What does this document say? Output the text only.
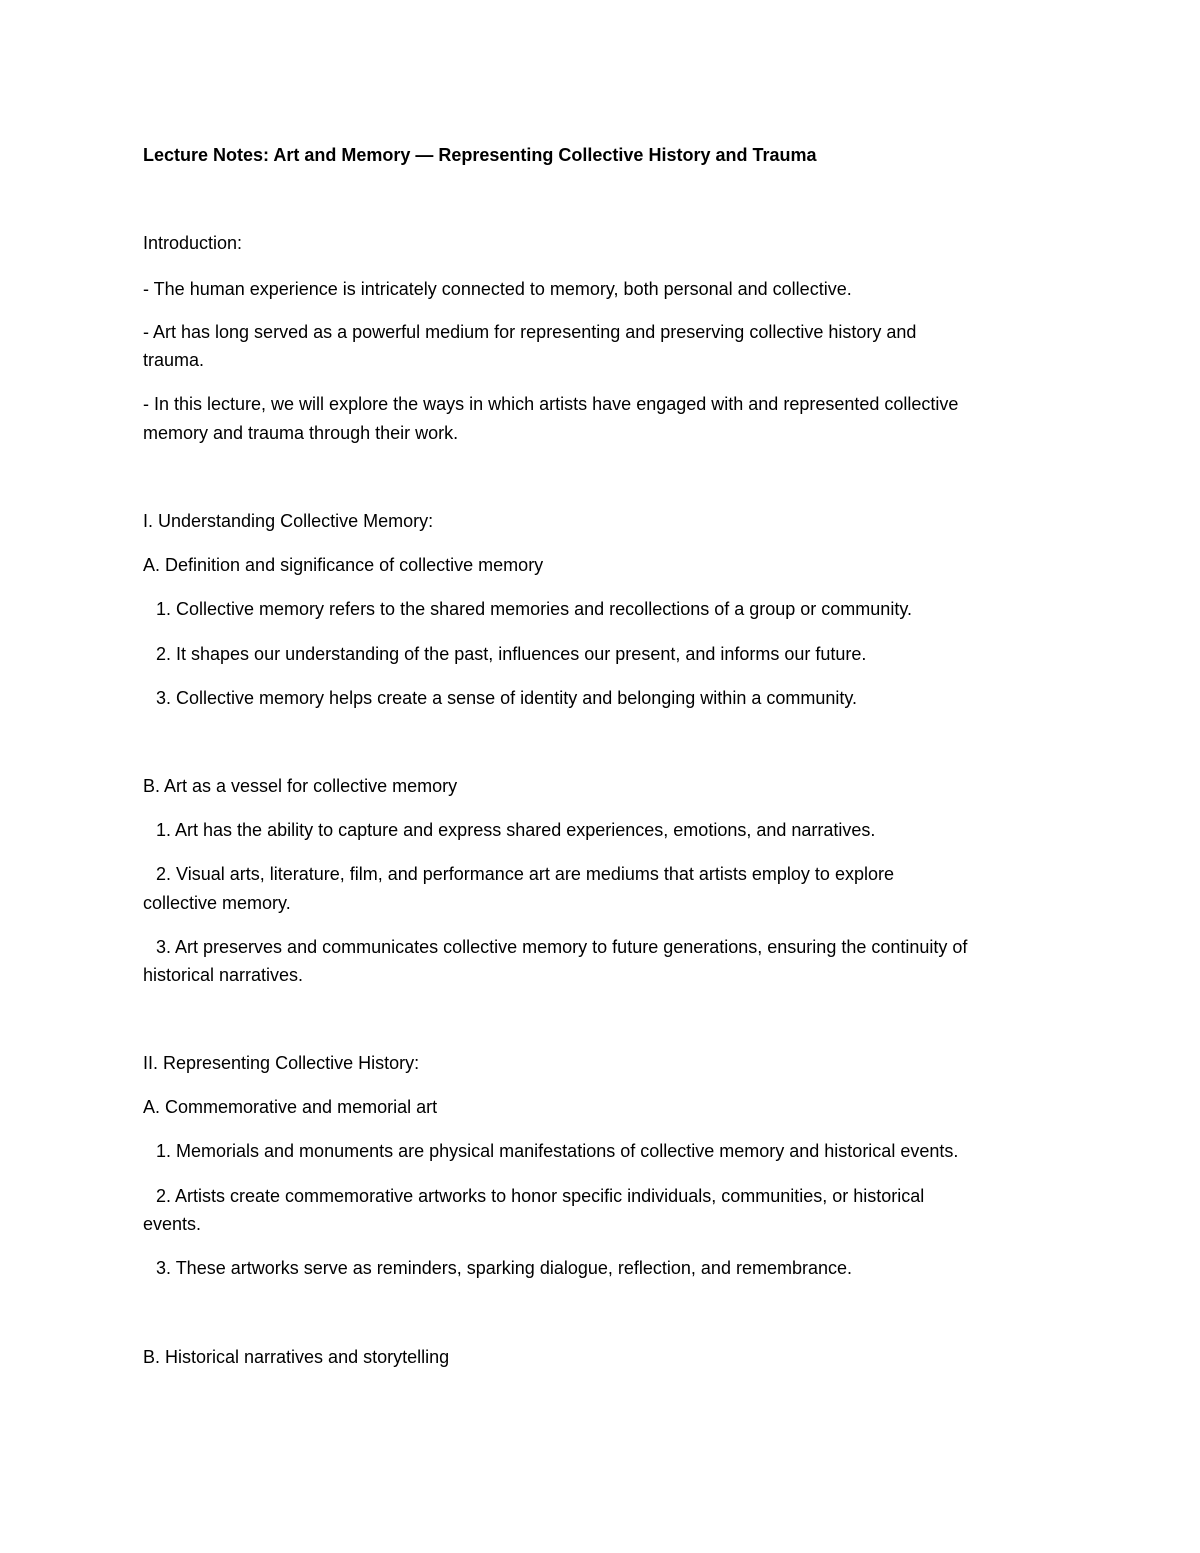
Lecture Notes: Art and Memory — Representing Collective History and Trauma

Introduction:

- The human experience is intricately connected to memory, both personal and collective.

- Art has long served as a powerful medium for representing and preserving collective history and

trauma.

- In this lecture, we will explore the ways in which artists have engaged with and represented collective

memory and trauma through their work.

I. Understanding Collective Memory:

A. Definition and significance of collective memory

1. Collective memory refers to the shared memories and recollections of a group or community.

2. It shapes our understanding of the past, influences our present, and informs our future.

3. Collective memory helps create a sense of identity and belonging within a community.

B. Art as a vessel for collective memory

1. Art has the ability to capture and express shared experiences, emotions, and narratives.

2. Visual arts, literature, film, and performance art are mediums that artists employ to explore

collective memory.

3. Art preserves and communicates collective memory to future generations, ensuring the continuity of

historical narratives.

II. Representing Collective History:

A. Commemorative and memorial art

1. Memorials and monuments are physical manifestations of collective memory and historical events.

2. Artists create commemorative artworks to honor specific individuals, communities, or historical

events.

3. These artworks serve as reminders, sparking dialogue, reflection, and remembrance.

B. Historical narratives and storytelling
